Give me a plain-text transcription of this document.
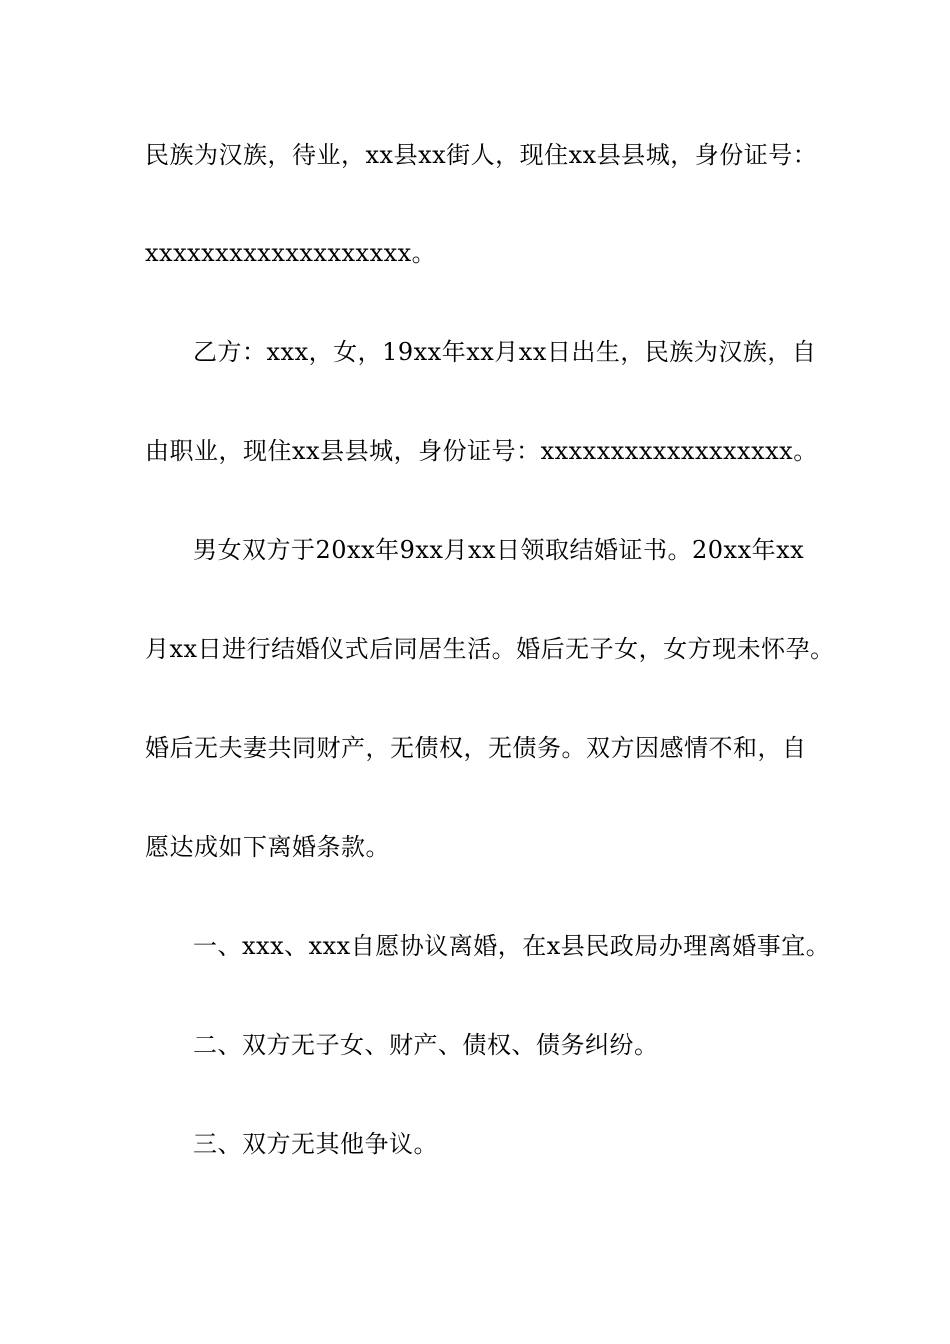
民族为汉族，待业，xx县xx街人，现住xx县县城，身份证号：
xxxxxxxxxxxxxxxxxxx。
乙方：xxx，女，19xx年xx月xx日出生，民族为汉族，自
由职业，现住xx县县城，身份证号：xxxxxxxxxxxxxxxxxx。
男女双方于20xx年9xx月xx日领取结婚证书。20xx年xx
月xx日进行结婚仪式后同居生活。婚后无子女，女方现未怀孕。
婚后无夫妻共同财产，无债权，无债务。双方因感情不和，自
愿达成如下离婚条款。
一、xxx、xxx自愿协议离婚，在x县民政局办理离婚事宜。
二、双方无子女、财产、债权、债务纠纷。
三、双方无其他争议。
